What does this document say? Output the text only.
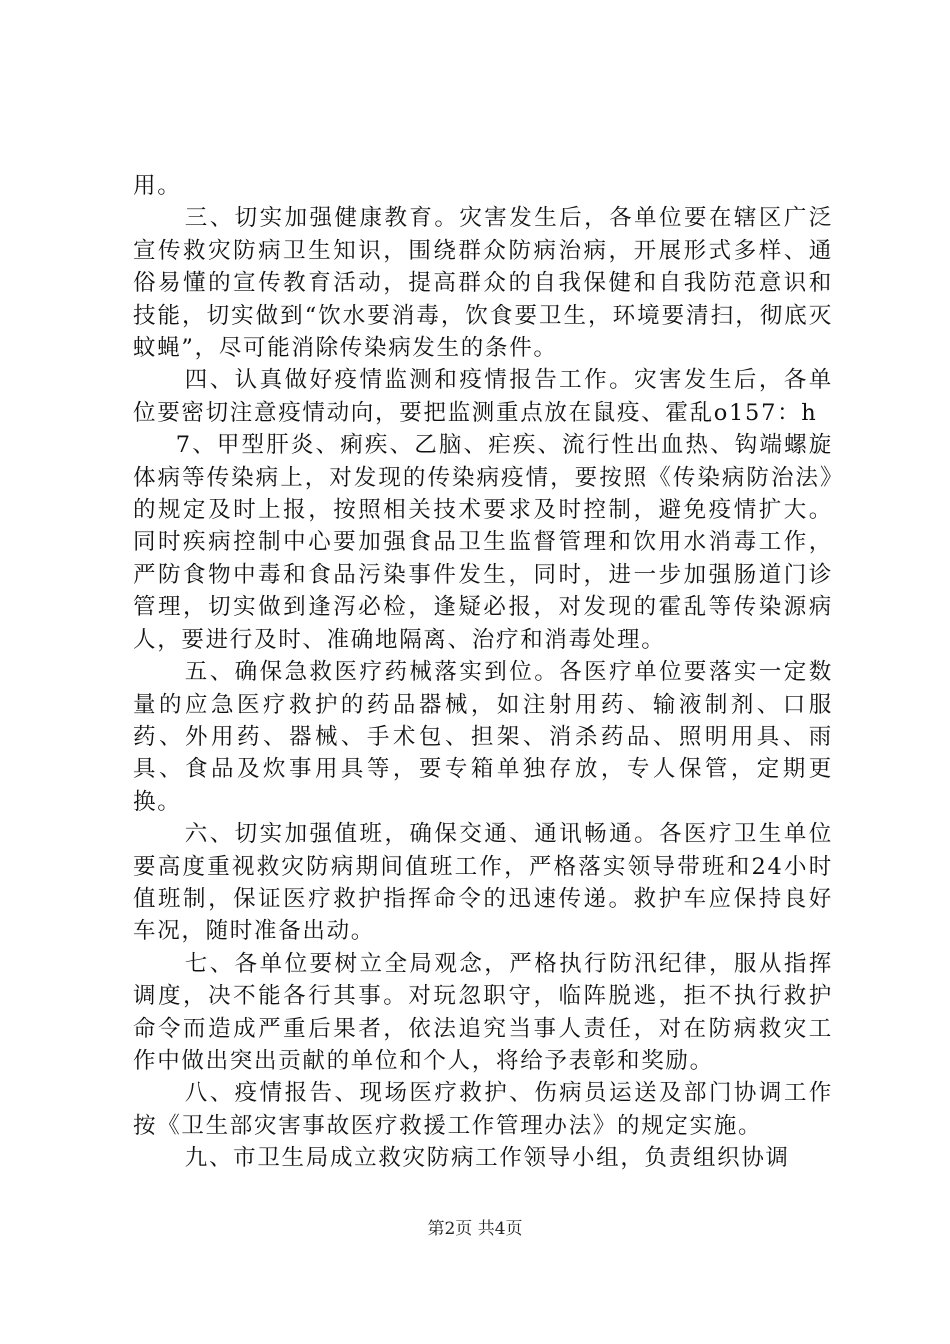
用。

三、切实加强健康教育。灾害发生后，各单位要在辖区广泛宣传救灾防病卫生知识，围绕群众防病治病，开展形式多样、通俗易懂的宣传教育活动，提高群众的自我保健和自我防范意识和技能，切实做到“饮水要消毒，饮食要卫生，环境要清扫，彻底灭蚊蝇”，尽可能消除传染病发生的条件。

四、认真做好疫情监测和疫情报告工作。灾害发生后，各单位要密切注意疫情动向，要把监测重点放在鼠疫、霍乱o157：h

7、甲型肝炎、痢疾、乙脑、疟疾、流行性出血热、钩端螺旋体病等传染病上，对发现的传染病疫情，要按照《传染病防治法》的规定及时上报，按照相关技术要求及时控制，避免疫情扩大。同时疾病控制中心要加强食品卫生监督管理和饮用水消毒工作，严防食物中毒和食品污染事件发生，同时，进一步加强肠道门诊管理，切实做到逢泻必检，逢疑必报，对发现的霍乱等传染源病人，要进行及时、准确地隔离、治疗和消毒处理。

五、确保急救医疗药械落实到位。各医疗单位要落实一定数量的应急医疗救护的药品器械，如注射用药、输液制剂、口服药、外用药、器械、手术包、担架、消杀药品、照明用具、雨具、食品及炊事用具等，要专箱单独存放，专人保管，定期更换。

六、切实加强值班，确保交通、通讯畅通。各医疗卫生单位要高度重视救灾防病期间值班工作，严格落实领导带班和24小时值班制，保证医疗救护指挥命令的迅速传递。救护车应保持良好车况，随时准备出动。

七、各单位要树立全局观念，严格执行防汛纪律，服从指挥调度，决不能各行其事。对玩忽职守，临阵脱逃，拒不执行救护命令而造成严重后果者，依法追究当事人责任，对在防病救灾工作中做出突出贡献的单位和个人，将给予表彰和奖励。

八、疫情报告、现场医疗救护、伤病员运送及部门协调工作按《卫生部灾害事故医疗救援工作管理办法》的规定实施。

九、市卫生局成立救灾防病工作领导小组，负责组织协调

第2页 共4页
